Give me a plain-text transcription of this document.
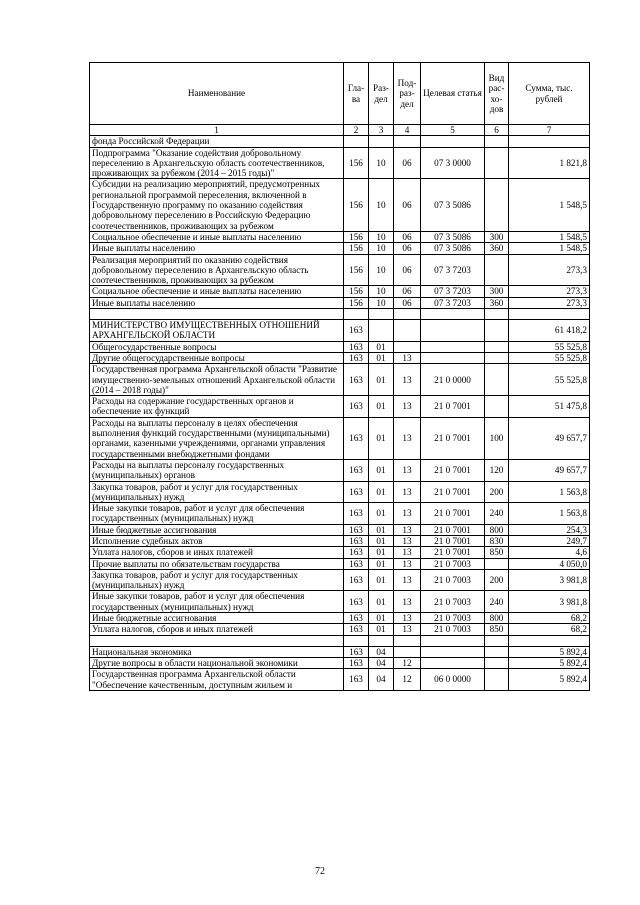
Наименование	Гла-ва	Раз-дел	Под-раз-дел	Целевая статья	Вид рас-хо-дов	Сумма, тыс. рублей
1	2	3	4	5	6	7
фонда Российской Федерации						
Подпрограмма "Оказание содействия добровольному переселению в Архангельскую область соотечественников, проживающих за рубежом (2014 – 2015 годы)"	156	10	06	07 3 0000		1 821,8
Субсидии на реализацию мероприятий, предусмотренных региональной программой переселения, включенной в Государственную программу по оказанию содействия добровольному переселению в Российскую Федерацию соотечественников, проживающих за рубежом	156	10	06	07 3 5086		1 548,5
Социальное обеспечение и иные выплаты населению	156	10	06	07 3 5086	300	1 548,5
Иные выплаты населению	156	10	06	07 3 5086	360	1 548,5
Реализация мероприятий по оказанию содействия добровольному переселению в Архангельскую область соотечественников, проживающих за рубежом	156	10	06	07 3 7203		273,3
Социальное обеспечение и иные выплаты населению	156	10	06	07 3 7203	300	273,3
Иные выплаты населению	156	10	06	07 3 7203	360	273,3

МИНИСТЕРСТВО ИМУЩЕСТВЕННЫХ ОТНОШЕНИЙ АРХАНГЕЛЬСКОЙ ОБЛАСТИ	163					61 418,2
Общегосударственные вопросы	163	01				55 525,8
Другие общегосударственные вопросы	163	01	13			55 525,8
Государственная программа Архангельской области "Развитие имущественно-земельных отношений Архангельской области (2014 – 2018 годы)"	163	01	13	21 0 0000		55 525,8
Расходы на содержание государственных органов и обеспечение их функций	163	01	13	21 0 7001		51 475,8
Расходы на выплаты персоналу в целях обеспечения выполнения функций государственными (муниципальными) органами, казенными учреждениями, органами управления государственными внебюджетными фондами	163	01	13	21 0 7001	100	49 657,7
Расходы на выплаты персоналу государственных (муниципальных) органов	163	01	13	21 0 7001	120	49 657,7
Закупка товаров, работ и услуг для государственных (муниципальных) нужд	163	01	13	21 0 7001	200	1 563,8
Иные закупки товаров, работ и услуг для обеспечения государственных (муниципальных) нужд	163	01	13	21 0 7001	240	1 563,8
Иные бюджетные ассигнования	163	01	13	21 0 7001	800	254,3
Исполнение судебных актов	163	01	13	21 0 7001	830	249,7
Уплата налогов, сборов и иных платежей	163	01	13	21 0 7001	850	4,6
Прочие выплаты по обязательствам государства	163	01	13	21 0 7003		4 050,0
Закупка товаров, работ и услуг для государственных (муниципальных) нужд	163	01	13	21 0 7003	200	3 981,8
Иные закупки товаров, работ и услуг для обеспечения государственных (муниципальных) нужд	163	01	13	21 0 7003	240	3 981,8
Иные бюджетные ассигнования	163	01	13	21 0 7003	800	68,2
Уплата налогов, сборов и иных платежей	163	01	13	21 0 7003	850	68,2

Национальная экономика	163	04				5 892,4
Другие вопросы в области национальной экономики	163	04	12			5 892,4
Государственная программа Архангельской области "Обеспечение качественным, доступным жильем и	163	04	12	06 0 0000		5 892,4
72
